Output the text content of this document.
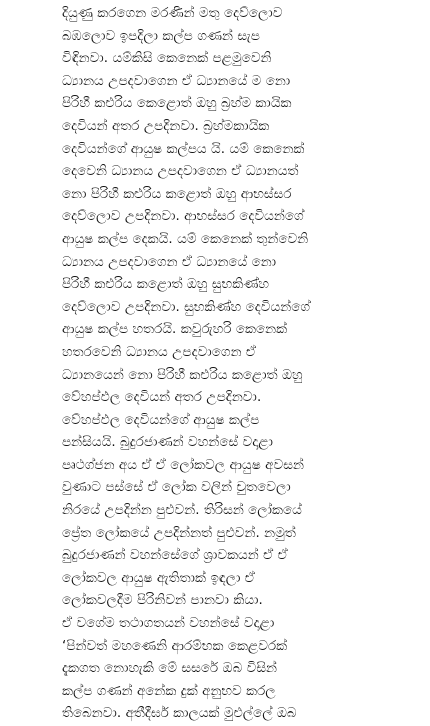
දියුණු කරගෙන මරණින් මතු දෙව්ලොව
බඹලොව ඉපදිලා කල්ප ගණන් සැප
විඳිනවා. යම්කිසි කෙනෙක් පළමුවෙනි
ධ්‍යානය උපදවාගෙන ඒ ධ්‍යානයේ ම නො
පිරිහී කළුරිය කෙළොත් ඔහු බ්‍රහ්ම කායික
දෙවියන් අතර උපදිනවා. බ්‍රහ්මකායික
දෙවියන්ගේ ආයුෂ කල්පය යි. යම් කෙනෙක්
දෙවෙනි ධ්‍යානය උපදවාගෙන ඒ ධ්‍යානයත්
නො පිරිහී කළුරිය කළොත් ඔහු ආභස්සර
දෙව්ලොව උපදිනවා. ආභස්සර දෙවියන්ගේ
ආයුෂ කල්ප දෙකයි. යම් කෙනෙක් තුන්වෙනි
ධ්‍යානය උපදවාගෙන ඒ ධ්‍යානයේ නො
පිරිහී කළුරිය කළොත් ඔහු සුභකිණ්හ
දෙව්ලොව උපදිනවා. සුභකිණ්හ දෙවියන්ගේ
ආයුෂ කල්ප හතරයි. කවුරුහරි කෙනෙක්
හතරවෙනි ධ්‍යානය උපදවාගෙන ඒ
ධ්‍යානයෙන් නො පිරිහී කළුරිය කළොත් ඔහු
වේහප්ඵල දෙවියන් අතර උපදිනවා.
වේහප්ඵල දෙවියන්ගේ ආයුෂ කල්ප
පන්සියයි. බුදුරජාණන් වහන්සේ වදාළා
පෘථග්ජන අය ඒ ඒ ලෝකවල ආයුෂ අවසන්
වුණාට පස්සේ ඒ ලෝක වලින් චුතවෙලා
නිරයේ උපදින්න පුළුවන්. තිරිසන් ලෝකයේ
ප්‍රේත ලෝකයේ උපදින්නත් පුළුවන්. නමුත්
බුදුරජාණන් වහන්සේගේ ශ්‍රාවකයන් ඒ ඒ
ලෝකවල ආයුෂ ඇතිතාක් ඉඳලා ඒ
ලෝකවලදීම පිරිනිවන් පානවා කියා.
ඒ වගේම තථාගතයන් වහන්සේ වදාළා
‘පින්වත් මහණෙනි ආරම්භක කෙළවරක්
දැකගත නොහැකි මේ සසරේ ඔබ විසින්
කල්ප ගණන් අනේක දුක් අනුභව කරල
තිබෙනවා. අතීදීර්ඝ කාලයක් මුළුල්ලේ ඔබ
